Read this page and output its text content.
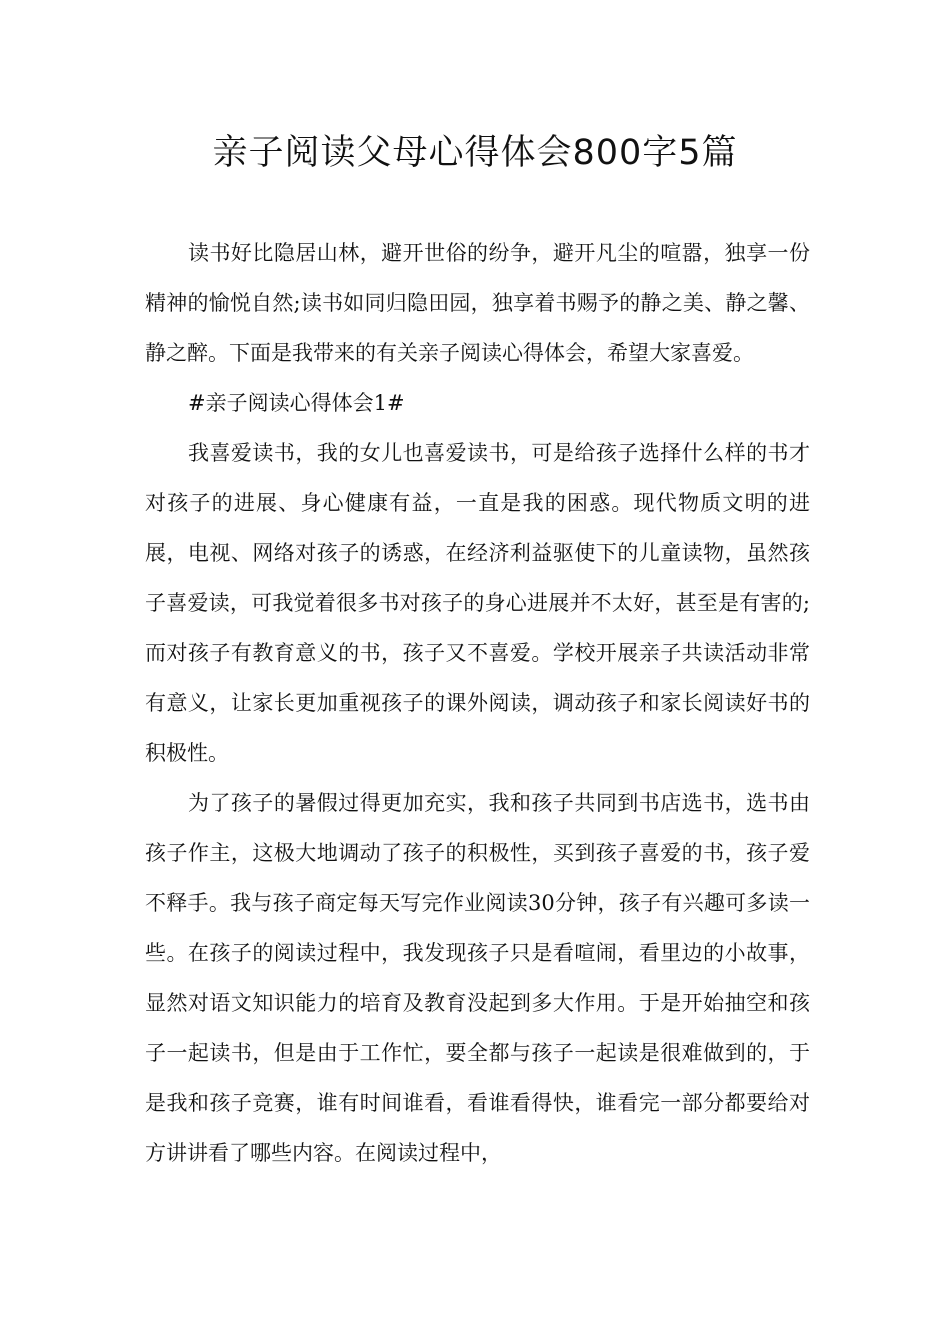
亲子阅读父母心得体会800字5篇

读书好比隐居山林，避开世俗的纷争，避开凡尘的喧嚣，独享一份精神的愉悦自然;读书如同归隐田园，独享着书赐予的静之美、静之馨、静之醉。下面是我带来的有关亲子阅读心得体会，希望大家喜爱。

#亲子阅读心得体会1#

我喜爱读书，我的女儿也喜爱读书，可是给孩子选择什么样的书才对孩子的进展、身心健康有益，一直是我的困惑。现代物质文明的进展，电视、网络对孩子的诱惑，在经济利益驱使下的儿童读物，虽然孩子喜爱读，可我觉着很多书对孩子的身心进展并不太好，甚至是有害的;而对孩子有教育意义的书，孩子又不喜爱。学校开展亲子共读活动非常有意义，让家长更加重视孩子的课外阅读，调动孩子和家长阅读好书的积极性。

为了孩子的暑假过得更加充实，我和孩子共同到书店选书，选书由孩子作主，这极大地调动了孩子的积极性，买到孩子喜爱的书，孩子爱不释手。我与孩子商定每天写完作业阅读30分钟，孩子有兴趣可多读一些。在孩子的阅读过程中，我发现孩子只是看喧闹，看里边的小故事，显然对语文知识能力的培育及教育没起到多大作用。于是开始抽空和孩子一起读书，但是由于工作忙，要全都与孩子一起读是很难做到的，于是我和孩子竞赛，谁有时间谁看，看谁看得快，谁看完一部分都要给对方讲讲看了哪些内容。在阅读过程中，
